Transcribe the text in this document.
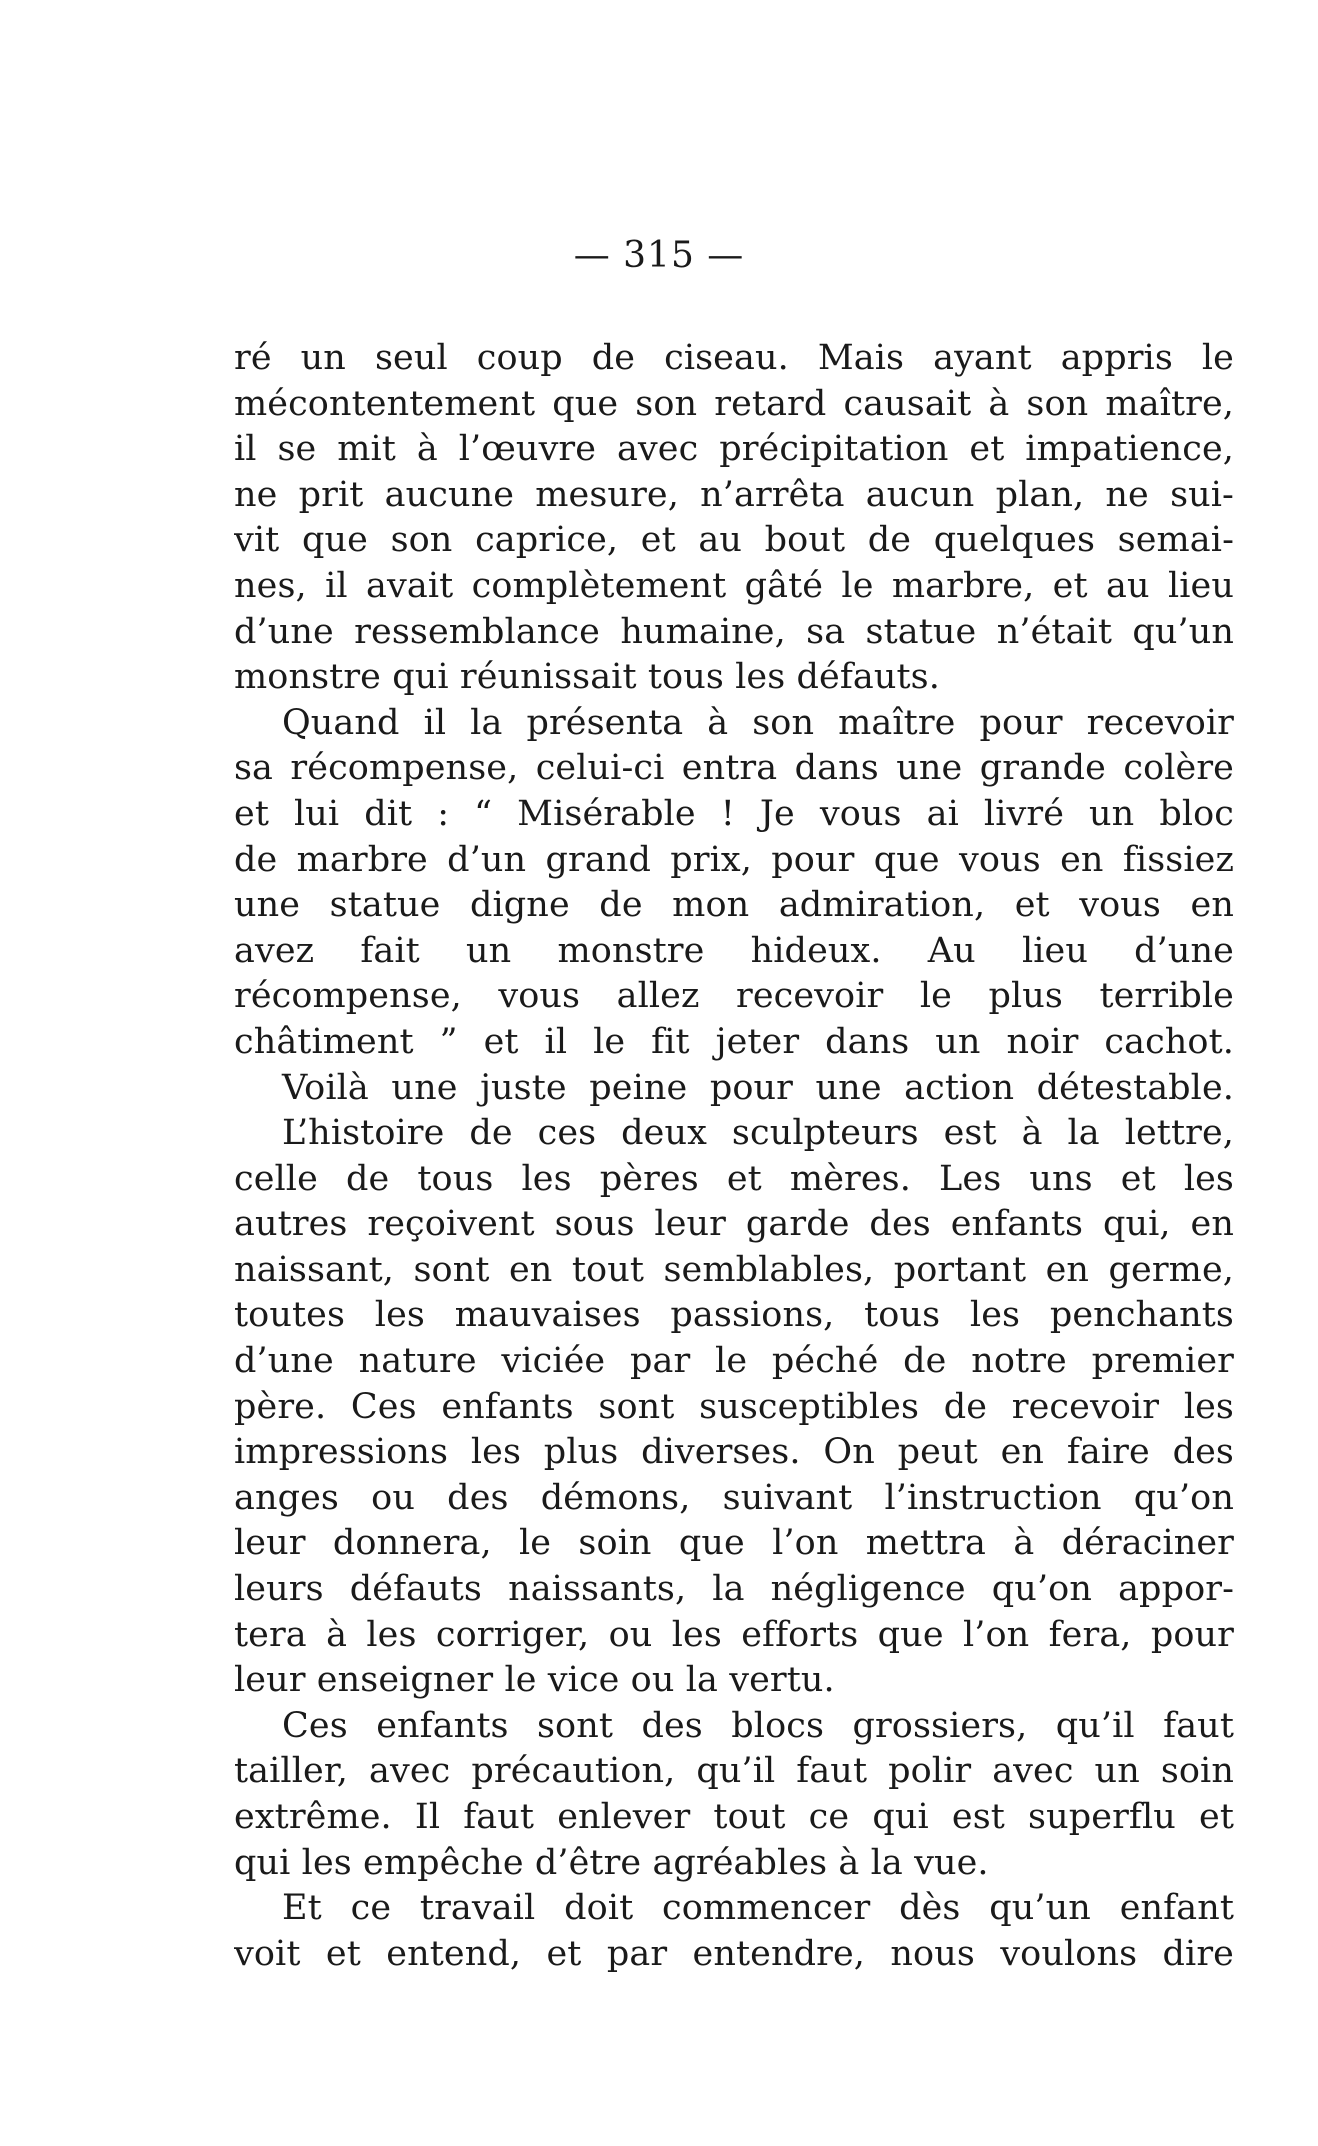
— 315 —
ré un seul coup de ciseau. Mais ayant appris le
mécontentement que son retard causait à son maître,
il se mit à l’œuvre avec précipitation et impatience,
ne prit aucune mesure, n’arrêta aucun plan, ne sui-
vit que son caprice, et au bout de quelques semai-
nes, il avait complètement gâté le marbre, et au lieu
d’une ressemblance humaine, sa statue n’était qu’un
monstre qui réunissait tous les défauts.
Quand il la présenta à son maître pour recevoir
sa récompense, celui-ci entra dans une grande colère
et lui dit : “ Misérable ! Je vous ai livré un bloc
de marbre d’un grand prix, pour que vous en fissiez
une statue digne de mon admiration, et vous en
avez fait un monstre hideux. Au lieu d’une
récompense, vous allez recevoir le plus terrible
châtiment ” et il le fit jeter dans un noir cachot.
Voilà une juste peine pour une action détestable.
L’histoire de ces deux sculpteurs est à la lettre,
celle de tous les pères et mères. Les uns et les
autres reçoivent sous leur garde des enfants qui, en
naissant, sont en tout semblables, portant en germe,
toutes les mauvaises passions, tous les penchants
d’une nature viciée par le péché de notre premier
père. Ces enfants sont susceptibles de recevoir les
impressions les plus diverses. On peut en faire des
anges ou des démons, suivant l’instruction qu’on
leur donnera, le soin que l’on mettra à déraciner
leurs défauts naissants, la négligence qu’on appor-
tera à les corriger, ou les efforts que l’on fera, pour
leur enseigner le vice ou la vertu.
Ces enfants sont des blocs grossiers, qu’il faut
tailler, avec précaution, qu’il faut polir avec un soin
extrême. Il faut enlever tout ce qui est superflu et
qui les empêche d’être agréables à la vue.
Et ce travail doit commencer dès qu’un enfant
voit et entend, et par entendre, nous voulons dire
